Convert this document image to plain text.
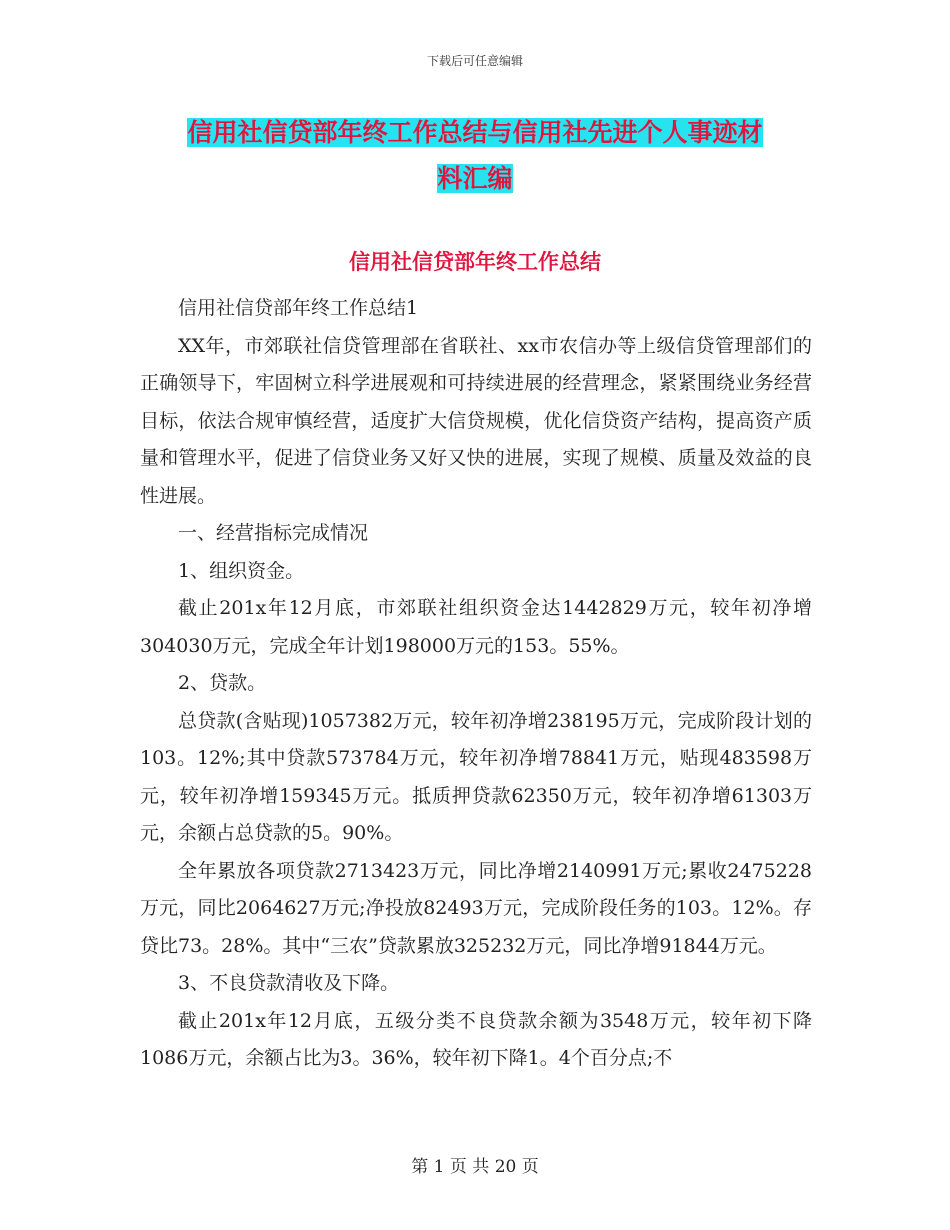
下载后可任意编辑
信用社信贷部年终工作总结与信用社先进个人事迹材
料汇编
信用社信贷部年终工作总结

信用社信贷部年终工作总结1

XX年，市郊联社信贷管理部在省联社、xx市农信办等上级信贷管理部们的正确领导下，牢固树立科学进展观和可持续进展的经营理念，紧紧围绕业务经营目标，依法合规审慎经营，适度扩大信贷规模，优化信贷资产结构，提高资产质量和管理水平，促进了信贷业务又好又快的进展，实现了规模、质量及效益的良性进展。

一、经营指标完成情况

1、组织资金。

截止201x年12月底，市郊联社组织资金达1442829万元，较年初净增304030万元，完成全年计划198000万元的153。55%。

2、贷款。

总贷款(含贴现)1057382万元，较年初净增238195万元，完成阶段计划的103。12%;其中贷款573784万元，较年初净增78841万元，贴现483598万元，较年初净增159345万元。抵质押贷款62350万元，较年初净增61303万元，余额占总贷款的5。90%。

全年累放各项贷款2713423万元，同比净增2140991万元;累收2475228万元，同比2064627万元;净投放82493万元，完成阶段任务的103。12%。存贷比73。28%。其中“三农”贷款累放325232万元，同比净增91844万元。

3、不良贷款清收及下降。

截止201x年12月底，五级分类不良贷款余额为3548万元，较年初下降1086万元，余额占比为3。36%，较年初下降1。4个百分点;不

第 1 页 共 20 页
